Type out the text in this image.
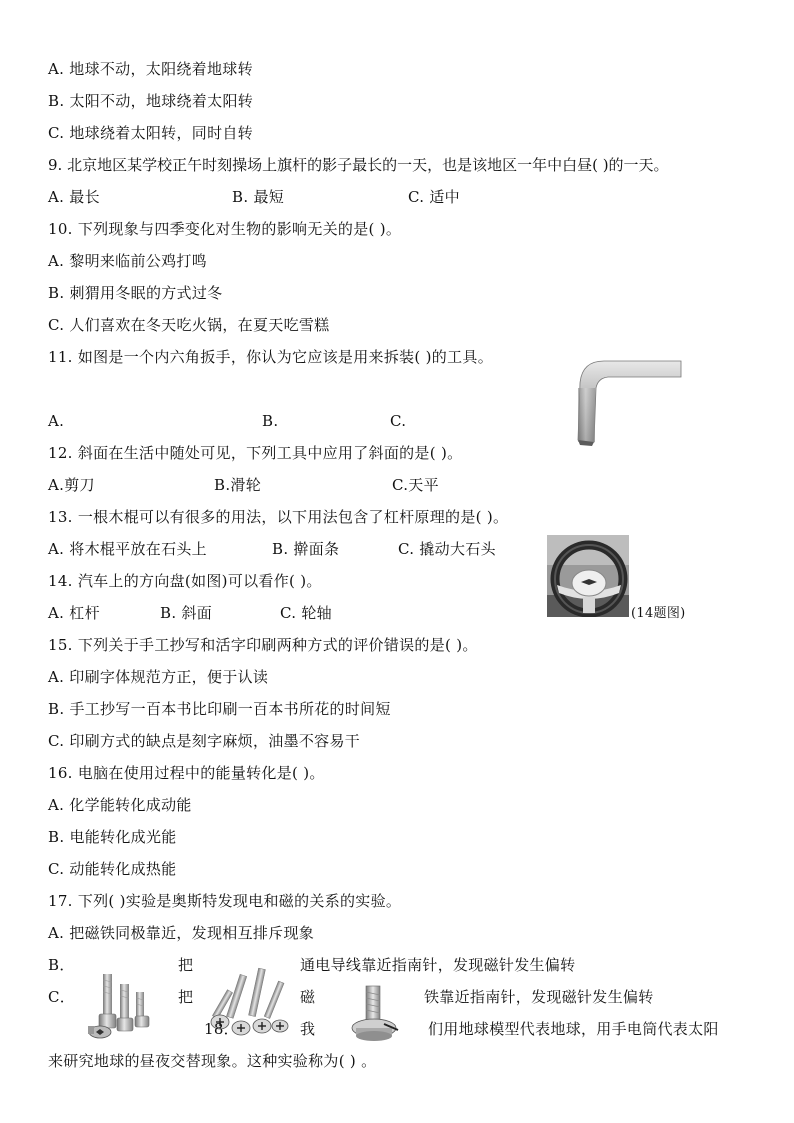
A. 地球不动，太阳绕着地球转
B. 太阳不动，地球绕着太阳转
C. 地球绕着太阳转，同时自转
9. 北京地区某学校正午时刻操场上旗杆的影子最长的一天，也是该地区一年中白昼( )的一天。
A. 最长	B. 最短	C. 适中
10. 下列现象与四季变化对生物的影响无关的是( )。
A. 黎明来临前公鸡打鸣
B. 刺猬用冬眠的方式过冬
C. 人们喜欢在冬天吃火锅，在夏天吃雪糕
11. 如图是一个内六角扳手，你认为它应该是用来拆装( )的工具。
A.	B.	C.
12. 斜面在生活中随处可见，下列工具中应用了斜面的是( )。
A.剪刀	B.滑轮	C.天平
13. 一根木棍可以有很多的用法，以下用法包含了杠杆原理的是( )。
A. 将木棍平放在石头上	B. 擀面条	C. 撬动大石头
14. 汽车上的方向盘(如图)可以看作( )。
A. 杠杆	B. 斜面	C. 轮轴	(14题图)
15. 下列关于手工抄写和活字印刷两种方式的评价错误的是( )。
A. 印刷字体规范方正，便于认读
B. 手工抄写一百本书比印刷一百本书所花的时间短
C. 印刷方式的缺点是刻字麻烦，油墨不容易干
16. 电脑在使用过程中的能量转化是( )。
A. 化学能转化成动能
B. 电能转化成光能
C. 动能转化成热能
17. 下列( )实验是奥斯特发现电和磁的关系的实验。
A. 把磁铁同极靠近，发现相互排斥现象
B．	把	通电导线靠近指南针，发现磁针发生偏转
C．	把	磁	铁靠近指南针，发现磁针发生偏转
18．	我	们用地球模型代表地球，用手电筒代表太阳
来研究地球的昼夜交替现象。这种实验称为( ) 。
